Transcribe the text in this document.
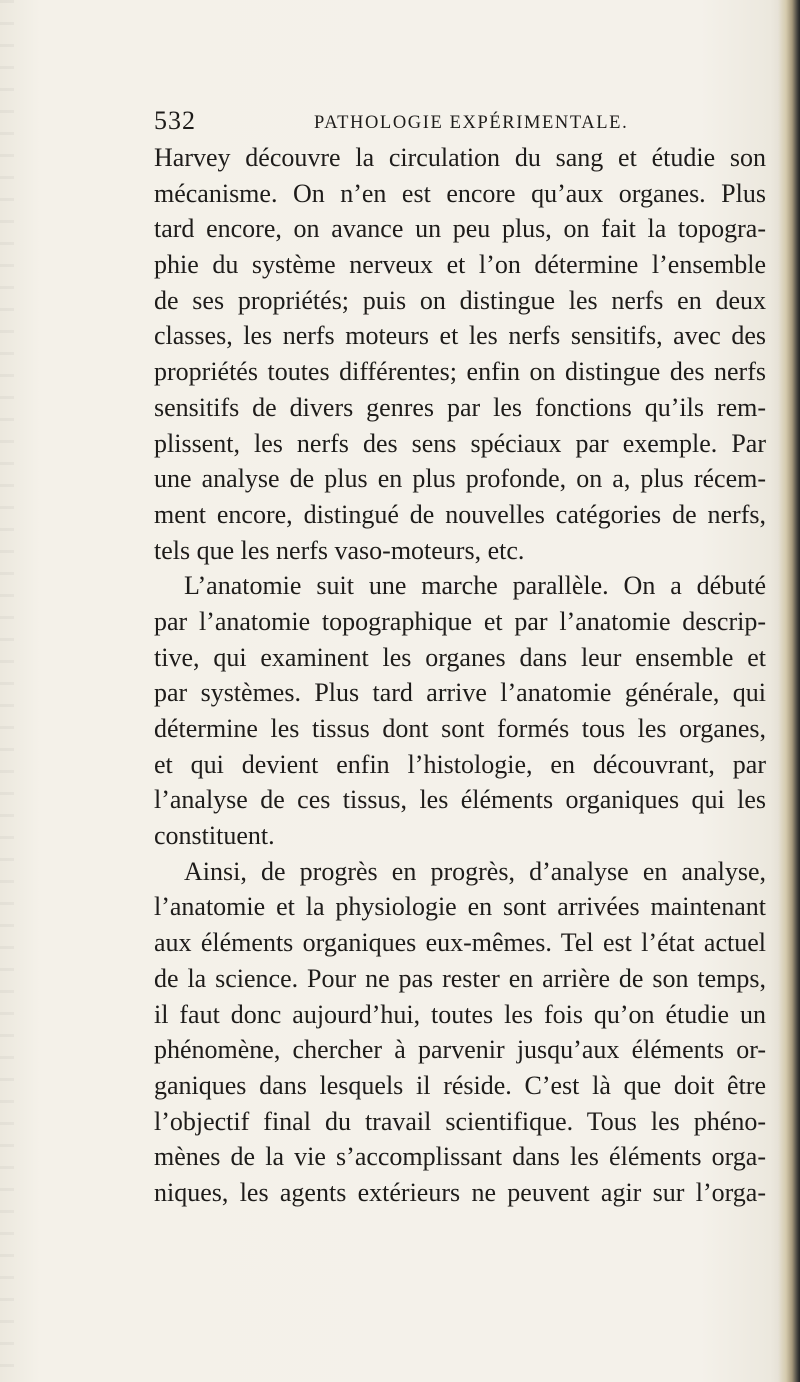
532	PATHOLOGIE EXPÉRIMENTALE.
Harvey découvre la circulation du sang et étudie son
mécanisme. On n’en est encore qu’aux organes. Plus
tard encore, on avance un peu plus, on fait la topogra-
phie du système nerveux et l’on détermine l’ensemble
de ses propriétés; puis on distingue les nerfs en deux
classes, les nerfs moteurs et les nerfs sensitifs, avec des
propriétés toutes différentes; enfin on distingue des nerfs
sensitifs de divers genres par les fonctions qu’ils rem-
plissent, les nerfs des sens spéciaux par exemple. Par
une analyse de plus en plus profonde, on a, plus récem-
ment encore, distingué de nouvelles catégories de nerfs,
tels que les nerfs vaso-moteurs, etc.
L’anatomie suit une marche parallèle. On a débuté
par l’anatomie topographique et par l’anatomie descrip-
tive, qui examinent les organes dans leur ensemble et
par systèmes. Plus tard arrive l’anatomie générale, qui
détermine les tissus dont sont formés tous les organes,
et qui devient enfin l’histologie, en découvrant, par
l’analyse de ces tissus, les éléments organiques qui les
constituent.
Ainsi, de progrès en progrès, d’analyse en analyse,
l’anatomie et la physiologie en sont arrivées maintenant
aux éléments organiques eux-mêmes. Tel est l’état actuel
de la science. Pour ne pas rester en arrière de son temps,
il faut donc aujourd’hui, toutes les fois qu’on étudie un
phénomène, chercher à parvenir jusqu’aux éléments or-
ganiques dans lesquels il réside. C’est là que doit être
l’objectif final du travail scientifique. Tous les phéno-
mènes de la vie s’accomplissant dans les éléments orga-
niques, les agents extérieurs ne peuvent agir sur l’orga-
